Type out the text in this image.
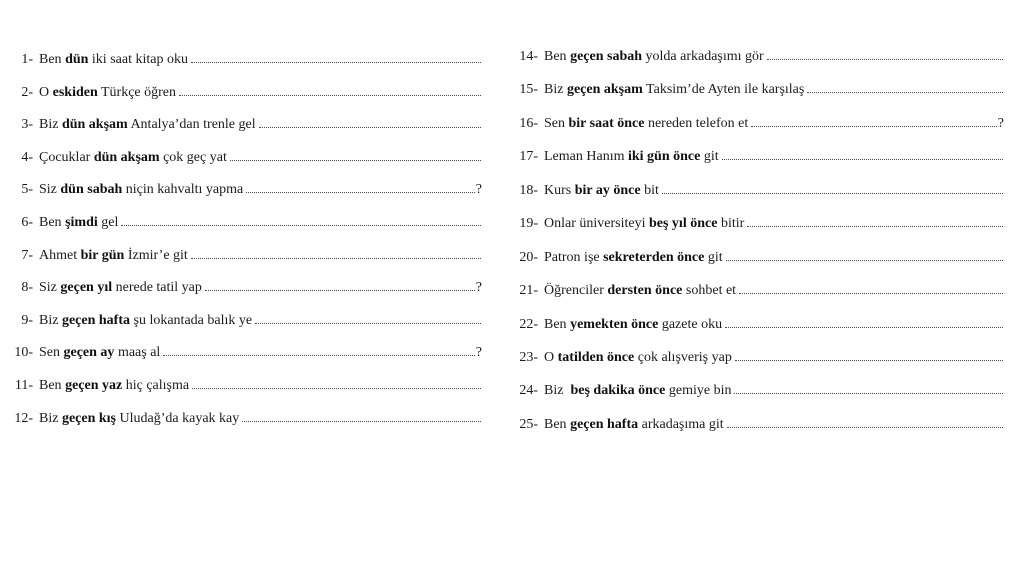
1- Ben dün iki saat kitap oku
2- O eskiden Türkçe öğren
3- Biz dün akşam Antalya’dan trenle gel
4- Çocuklar dün akşam çok geç yat
5- Siz dün sabah niçin kahvaltı yapma	?
6- Ben şimdi gel
7- Ahmet bir gün İzmir’e git
8- Siz geçen yıl nerede tatil yap	?
9- Biz geçen hafta şu lokantada balık ye
10- Sen geçen ay maaş al	?
11- Ben geçen yaz hiç çalışma
12- Biz geçen kış Uludağ’da kayak kay
14- Ben geçen sabah yolda arkadaşımı gör
15- Biz geçen akşam Taksim’de Ayten ile karşılaş
16- Sen bir saat önce nereden telefon et	?
17- Leman Hanım iki gün önce git
18- Kurs bir ay önce bit
19- Onlar üniversiteyi beş yıl önce bitir
20- Patron işe sekreterden önce git
21- Öğrenciler dersten önce sohbet et
22- Ben yemekten önce gazete oku
23- O tatilden önce çok alışveriş yap
24- Biz  beş dakika önce gemiye bin
25- Ben geçen hafta arkadaşıma git
